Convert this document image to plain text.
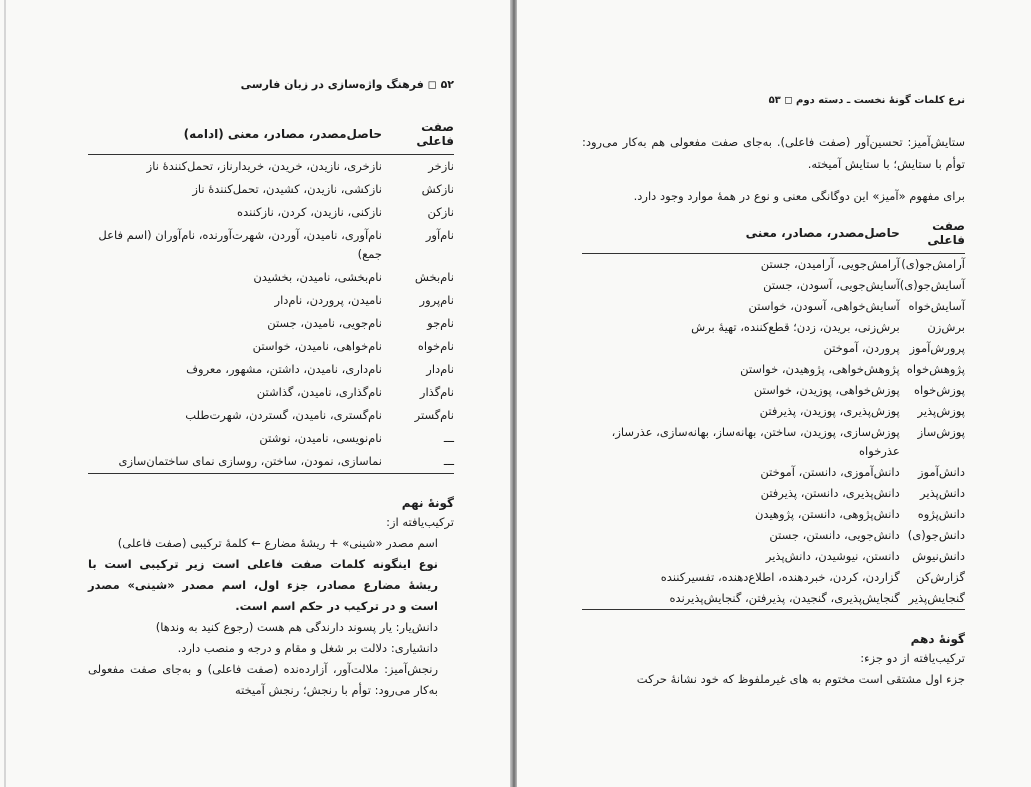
۵۲ ◻ فرهنگ واژه‌سازی در زبان فارسی
صفت فاعلی	حاصل‌مصدر، مصادر، معنی (ادامه)
نازخر	نازخری، نازیدن، خریدن، خریدارناز، تحمل‌کنندهٔ ناز
نازکش	نازکشی، نازیدن، کشیدن، تحمل‌کنندهٔ ناز
نازکن	نازکنی، نازیدن، کردن، نازکننده
نام‌آور	نام‌آوری، نامیدن، آوردن، شهرت‌آورنده، نام‌آوران (اسم فاعل جمع)
نام‌بخش	نام‌بخشی، نامیدن، بخشیدن
نام‌پرور	نامیدن، پروردن، نام‌دار
نام‌جو	نام‌جویی، نامیدن، جستن
نام‌خواه	نام‌خواهی، نامیدن، خواستن
نام‌دار	نام‌داری، نامیدن، داشتن، مشهور، معروف
نام‌گذار	نام‌گذاری، نامیدن، گذاشتن
نام‌گستر	نام‌گستری، نامیدن، گستردن، شهرت‌طلب
ـــ	نام‌نویسی، نامیدن، نوشتن
ـــ	نماسازی، نمودن، ساختن، روسازی نمای ساختمان‌سازی
گونهٔ نهم
ترکیب‌یافته از:
اسم مصدر «شینی» + ریشهٔ مضارع ← کلمهٔ ترکیبی (صفت فاعلی)
نوع اینگونه کلمات صفت فاعلی است زیر ترکیبی است با ریشهٔ مضارع مصادر، جزء اول، اسم مصدر «شینی» مصدر است و در ترکیب در حکم اسم است.
دانش‌یار: یار پسوند دارندگی هم هست (رجوع کنید به وندها)
دانشیاری: دلالت بر شغل و مقام و درجه و منصب دارد.
رنجش‌آمیز: ملالت‌آور، آزارده‌نده (صفت فاعلی) و به‌جای صفت مفعولی به‌کار می‌رود: توأم با رنجش؛ رنجش آمیخته
نرع کلمات گونهٔ نخست ـ دسته دوم ◻ ۵۳
ستایش‌آمیز: تحسین‌آور (صفت فاعلی). به‌جای صفت مفعولی هم به‌کار می‌رود: توأم با ستایش؛ با ستایش آمیخته.
برای مفهوم «آمیز» این دوگانگی معنی و نوع در همهٔ موارد وجود دارد.
صفت فاعلی	حاصل‌مصدر، مصادر، معنی
آرامش‌جو(ی)	آرامش‌جویی، آرامیدن، جستن
آسایش‌جو(ی)	آسایش‌جویی، آسودن، جستن
آسایش‌خواه	آسایش‌خواهی، آسودن، خواستن
برش‌زن	برش‌زنی، بریدن، زدن؛ قطع‌کننده، تهیهٔ برش
پرورش‌آموز	پروردن، آموختن
پژوهش‌خواه	پژوهش‌خواهی، پژوهیدن، خواستن
پوزش‌خواه	پوزش‌خواهی، پوزیدن، خواستن
پوزش‌پذیر	پوزش‌پذیری، پوزیدن، پذیرفتن
پوزش‌ساز	پوزش‌سازی، پوزیدن، ساختن، بهانه‌ساز، بهانه‌سازی، عذرساز، عذرخواه
دانش‌آموز	دانش‌آموزی، دانستن، آموختن
دانش‌پذیر	دانش‌پذیری، دانستن، پذیرفتن
دانش‌پژوه	دانش‌پژوهی، دانستن، پژوهیدن
دانش‌جو(ی)	دانش‌جویی، دانستن، جستن
دانش‌نیوش	دانستن، نیوشیدن، دانش‌پذیر
گزارش‌کن	گزاردن، کردن، خبردهنده، اطلاع‌دهنده، تفسیرکننده
گنجایش‌پذیر	گنجایش‌پذیری، گنجیدن، پذیرفتن، گنجایش‌پذیرنده
گونهٔ دهم
ترکیب‌یافته از دو جزء:
جزء اول مشتقی است مختوم به های غیرملفوظ که خود نشانهٔ حرکت
